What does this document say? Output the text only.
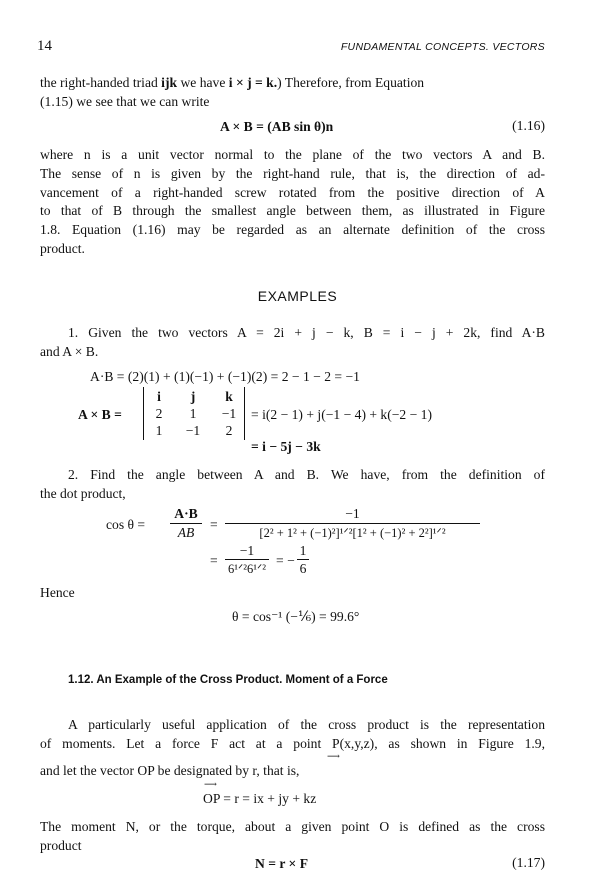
14	FUNDAMENTAL CONCEPTS. VECTORS
the right-handed triad ijk we have i × j = k.) Therefore, from Equation
(1.15) we see that we can write
A × B = (AB sin θ)n	(1.16)
where n is a unit vector normal to the plane of the two vectors A and B.
The sense of n is given by the right-hand rule, that is, the direction of ad-
vancement of a right-handed screw rotated from the positive direction of A
to that of B through the smallest angle between them, as illustrated in Figure
1.8. Equation (1.16) may be regarded as an alternate definition of the cross
product.
EXAMPLES
1. Given the two vectors A = 2i + j − k, B = i − j + 2k, find A·B
and A × B.
A·B = (2)(1) + (1)(−1) + (−1)(2) = 2 − 1 − 2 = −1
A × B =
i	j	k
2	1	−1
1	−1	2
= i(2 − 1) + j(−1 − 4) + k(−2 − 1)
= i − 5j − 3k
2. Find the angle between A and B. We have, from the definition of
the dot product,
cos θ =
A·B
AB
=
−1
[2² + 1² + (−1)²]¹ᐟ²[1² + (−1)² + 2²]¹ᐟ²
=
−1
6¹ᐟ²6¹ᐟ²
= −
1
6
Hence
θ = cos⁻¹ (−⅙) = 99.6°
1.12. An Example of the Cross Product. Moment of a Force
A particularly useful application of the cross product is the representation
of moments. Let a force F act at a point P(x,y,z), as shown in Figure 1.9,
and let the vector OP be designated by r, that is,
⟶
⟶
OP = r = ix + jy + kz
The moment N, or the torque, about a given point O is defined as the cross
product
N = r × F	(1.17)
